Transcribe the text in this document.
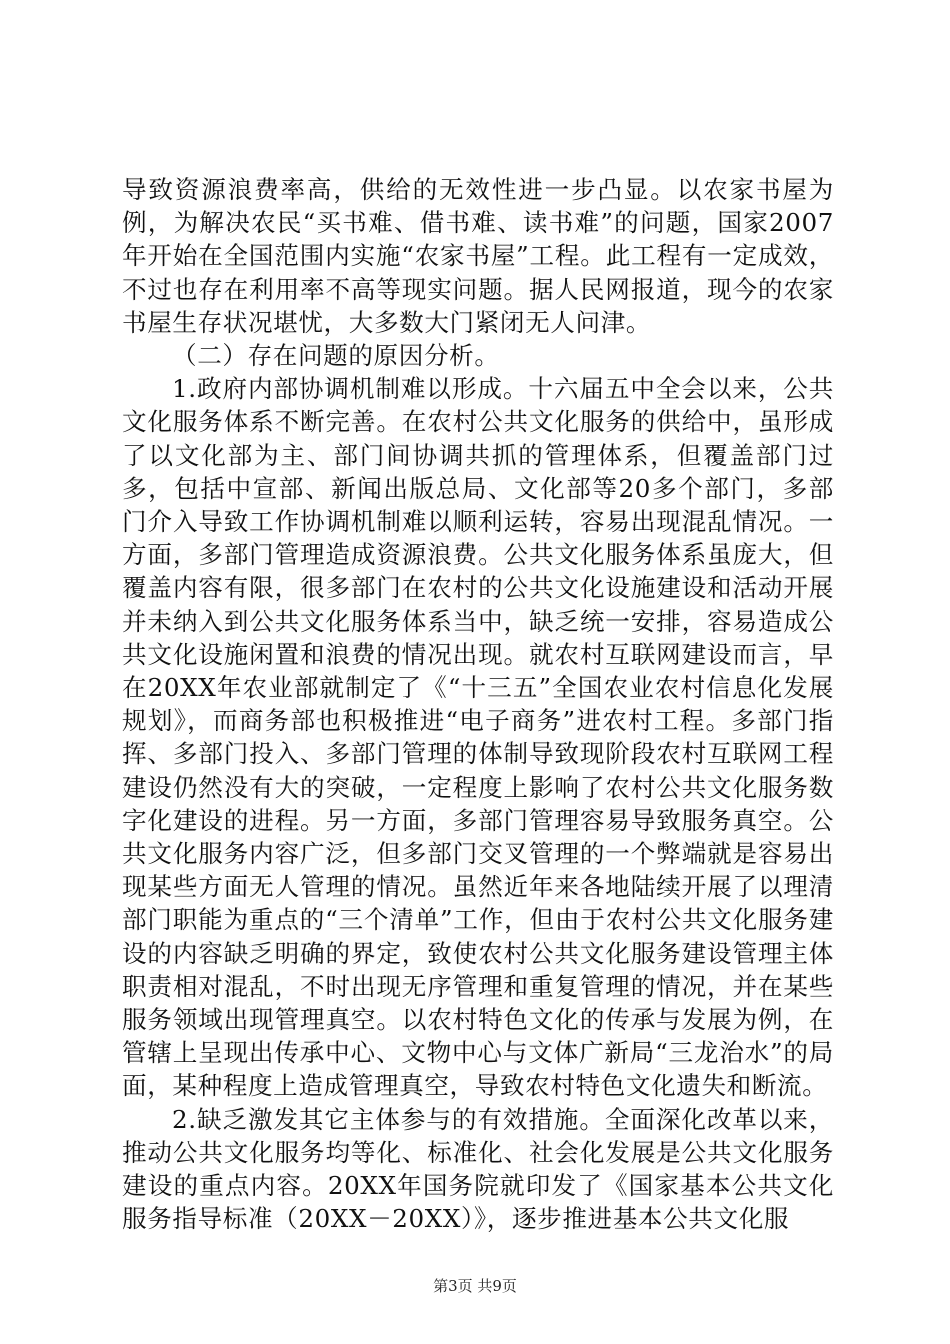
导致资源浪费率高，供给的无效性进一步凸显。以农家书屋为例，为解决农民“买书难、借书难、读书难”的问题，国家2007年开始在全国范围内实施“农家书屋”工程。此工程有一定成效，不过也存在利用率不高等现实问题。据人民网报道，现今的农家书屋生存状况堪忧，大多数大门紧闭无人问津。

（二）存在问题的原因分析。

1.政府内部协调机制难以形成。十六届五中全会以来，公共文化服务体系不断完善。在农村公共文化服务的供给中，虽形成了以文化部为主、部门间协调共抓的管理体系，但覆盖部门过多，包括中宣部、新闻出版总局、文化部等20多个部门，多部门介入导致工作协调机制难以顺利运转，容易出现混乱情况。一方面，多部门管理造成资源浪费。公共文化服务体系虽庞大，但覆盖内容有限，很多部门在农村的公共文化设施建设和活动开展并未纳入到公共文化服务体系当中，缺乏统一安排，容易造成公共文化设施闲置和浪费的情况出现。就农村互联网建设而言，早在20XX年农业部就制定了《“十三五”全国农业农村信息化发展规划》，而商务部也积极推进“电子商务”进农村工程。多部门指挥、多部门投入、多部门管理的体制导致现阶段农村互联网工程建设仍然没有大的突破，一定程度上影响了农村公共文化服务数字化建设的进程。另一方面，多部门管理容易导致服务真空。公共文化服务内容广泛，但多部门交叉管理的一个弊端就是容易出现某些方面无人管理的情况。虽然近年来各地陆续开展了以理清部门职能为重点的“三个清单”工作，但由于农村公共文化服务建设的内容缺乏明确的界定，致使农村公共文化服务建设管理主体职责相对混乱，不时出现无序管理和重复管理的情况，并在某些服务领域出现管理真空。以农村特色文化的传承与发展为例，在管辖上呈现出传承中心、文物中心与文体广新局“三龙治水”的局面，某种程度上造成管理真空，导致农村特色文化遗失和断流。

2.缺乏激发其它主体参与的有效措施。全面深化改革以来，推动公共文化服务均等化、标准化、社会化发展是公共文化服务建设的重点内容。20XX年国务院就印发了《国家基本公共文化服务指导标准（20XX－20XX）》，逐步推进基本公共文化服

第3页 共9页
